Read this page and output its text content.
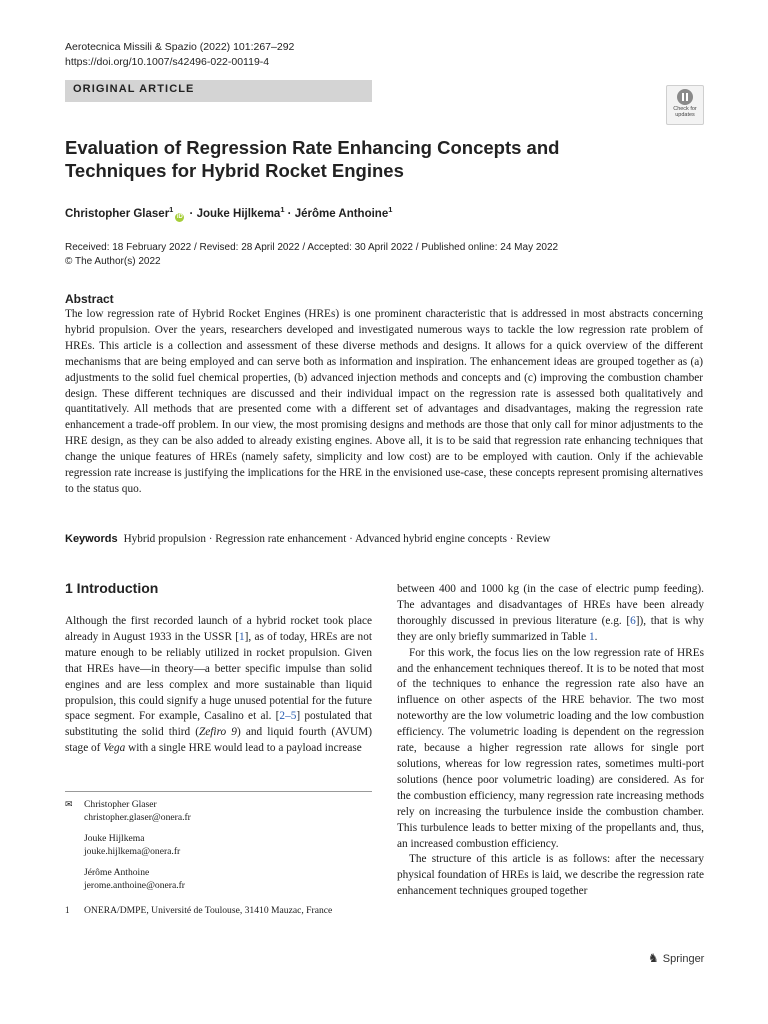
Aerotecnica Missili & Spazio (2022) 101:267–292
https://doi.org/10.1007/s42496-022-00119-4
ORIGINAL ARTICLE
Check for
updates
Evaluation of Regression Rate Enhancing Concepts and Techniques for Hybrid Rocket Engines
Christopher Glaser$^1$iD · Jouke Hijlkema$^1$ · Jérôme Anthoine$^1$
Received: 18 February 2022 / Revised: 28 April 2022 / Accepted: 30 April 2022 / Published online: 24 May 2022
© The Author(s) 2022
Abstract
The low regression rate of Hybrid Rocket Engines (HREs) is one prominent characteristic that is addressed in most abstracts concerning hybrid propulsion. Over the years, researchers developed and investigated numerous ways to tackle the low regression rate problem of HREs. This article is a collection and assessment of these diverse methods and designs. It allows for a quick overview of the different mechanisms that are being employed and can serve both as information and inspiration. The enhancement ideas are grouped together as (a) adjustments to the solid fuel chemical properties, (b) advanced injection methods and concepts and (c) improving the combustion chamber design. These different techniques are discussed and their individual impact on the regression rate is assessed both qualitatively and quantitatively. All methods that are presented come with a different set of advantages and disadvantages, making the regression rate enhancement a trade-off problem. In our view, the most promising designs and methods are those that only call for minor adjustments to the HRE design, as they can be also added to already existing engines. Above all, it is to be said that regression rate enhancing techniques that change the unique features of HREs (namely safety, simplicity and low cost) are to be employed with caution. Only if the achievable regression rate increase is justifying the implications for the HRE in the envisioned use-case, these concepts represent promising alternatives to the status quo.
Keywords Hybrid propulsion · Regression rate enhancement · Advanced hybrid engine concepts · Review
1 Introduction

Although the first recorded launch of a hybrid rocket took place already in August 1933 in the USSR [1], as of today, HREs are not mature enough to be reliably utilized in rocket propulsion. Given that HREs have—in theory—a better specific impulse than solid engines and are less complex and more sustainable than liquid propulsion, this could signify a huge unused potential for the future space segment. For example, Casalino et al. [2–5] postulated that substituting the solid third (Zefiro 9) and liquid fourth (AVUM) stage of Vega with a single HRE would lead to a payload increase

between 400 and 1000 kg (in the case of electric pump feeding). The advantages and disadvantages of HREs have been already thoroughly discussed in previous literature (e.g. [6]), that is why they are only briefly summarized in Table 1.

For this work, the focus lies on the low regression rate of HREs and the enhancement techniques thereof. It is to be noted that most of the techniques to enhance the regression rate also have an influence on other aspects of the HRE behavior. The two most noteworthy are the low volumetric loading and the low combustion efficiency. The volumetric loading is dependent on the regression rate, because a higher regression rate allows for single port solutions, whereas for low regression rates, sometimes multi-port solutions (hence poor volumetric loading) are considered. As for the combustion efficiency, many regression rate increasing methods rely on increasing the turbulence inside the combustion chamber. This turbulence leads to better mixing of the propellants and, thus, an increased combustion efficiency.

The structure of this article is as follows: after the necessary physical foundation of HREs is laid, we describe the regression rate enhancement techniques grouped together

✉ Christopher Glaser
christopher.glaser@onera.fr
Jouke Hijlkema
jouke.hijlkema@onera.fr
Jérôme Anthoine
jerome.anthoine@onera.fr
1 ONERA/DMPE, Université de Toulouse, 31410 Mauzac, France
♞ Springer
